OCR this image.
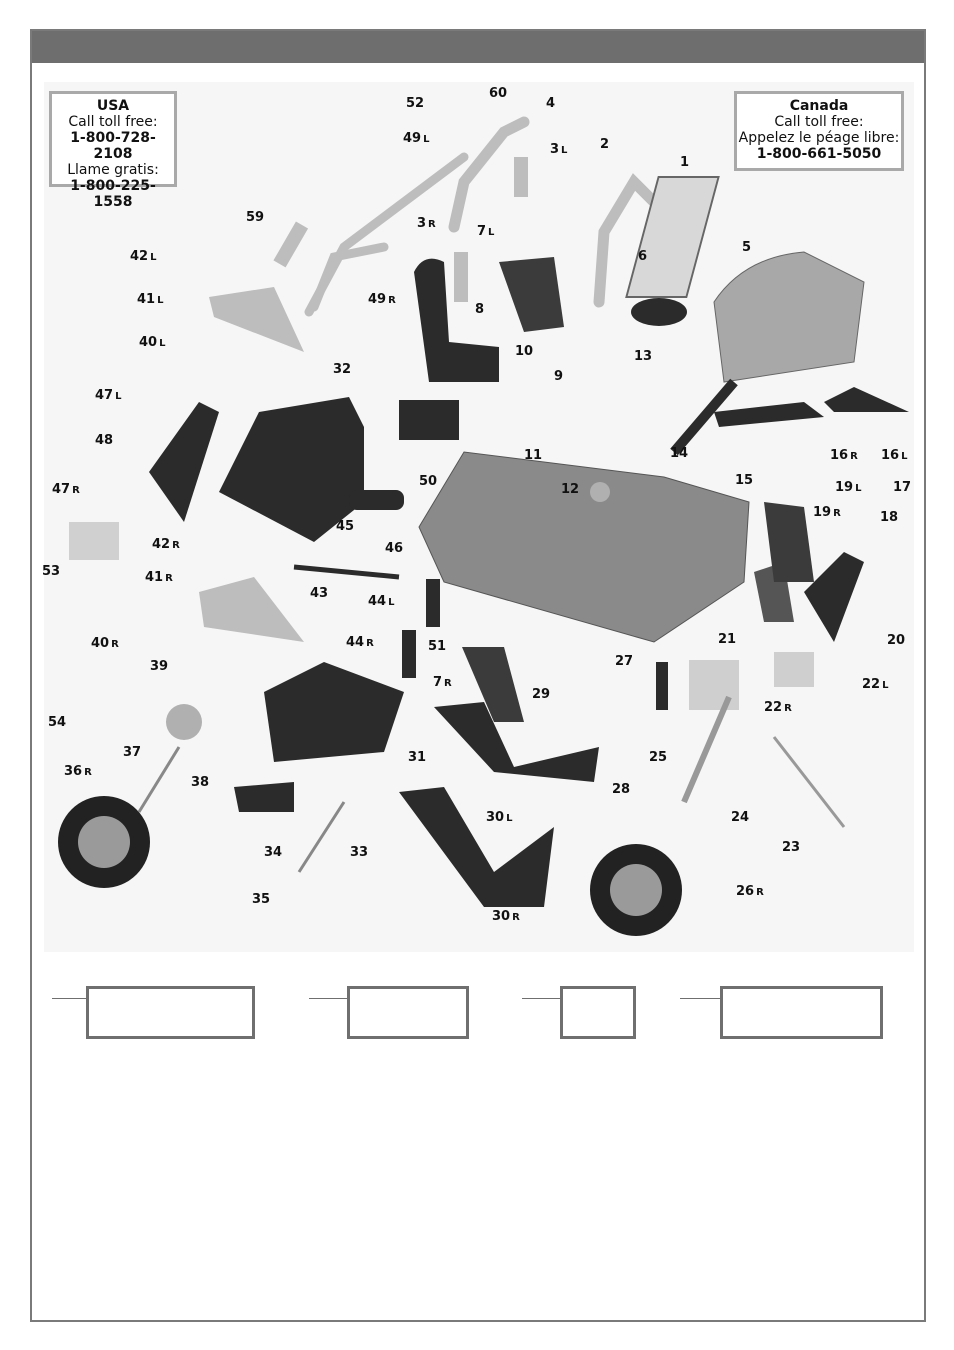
USA
Call toll free:
1-800-728-2108
Llame gratis:
1-800-225-1558
Canada
Call toll free:
Appelez le péage libre:
1-800-661-5050
52
60
4
49 L
3 L	2
1
59	3 R	7 L
42 L
49 R
6
5
41 L
8
40 L
10	13
32	9
47 L
48
16 R 16 L
14
11
50	15
47 R	12	19 L 17
19 R	18
45
46
42 R
53	41 R
43
44 L
21	20
40 R	44 R	51
27
7 R
29
39
22 L
54
22 R
37	31	25
36 R
38	28
24
30 L
34	33	23
35
26 R
30 R
